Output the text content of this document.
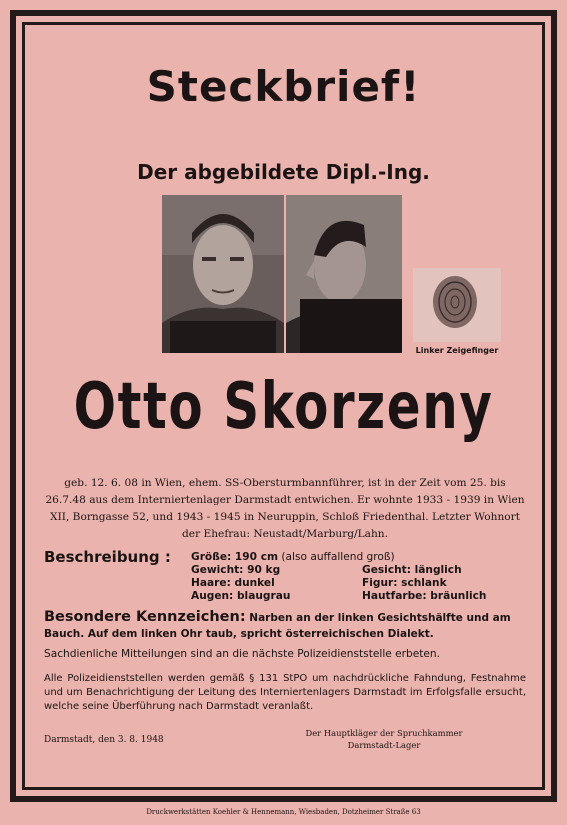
Steckbrief!
Der abgebildete Dipl.-Ing.
Linker Zeigefinger
Otto Skorzeny
geb. 12. 6. 08 in Wien, ehem. SS-Obersturmbannführer, ist in der Zeit vom 25. bis 26.7.48 aus dem Interniertenlager Darmstadt entwichen. Er wohnte 1933 - 1939 in Wien XII, Borngasse 52, und 1943 - 1945 in Neuruppin, Schloß Friedenthal. Letzter Wohnort der Ehefrau: Neustadt/Marburg/Lahn.
Beschreibung : Größe: 190 cm (also auffallend groß)
Gewicht: 90 kg
Haare: dunkel
Augen: blaugrau
Gesicht: länglich
Figur: schlank
Hautfarbe: bräunlich
Besondere Kennzeichen: Narben an der linken Gesichtshälfte und am Bauch. Auf dem linken Ohr taub, spricht österreichischen Dialekt.
Sachdienliche Mitteilungen sind an die nächste Polizeidienststelle erbeten.
Alle Polizeidienststellen werden gemäß § 131 StPO um nachdrückliche Fahndung, Festnahme und um Benachrichtigung der Leitung des Interniertenlagers Darmstadt im Erfolgsfalle ersucht, welche seine Überführung nach Darmstadt veranlaßt.
Darmstadt, den 3. 8. 1948
Der Hauptkläger der Spruchkammer
Darmstadt-Lager
Druckwerkstätten Koehler & Hennemann, Wiesbaden, Dotzheimer Straße 63
